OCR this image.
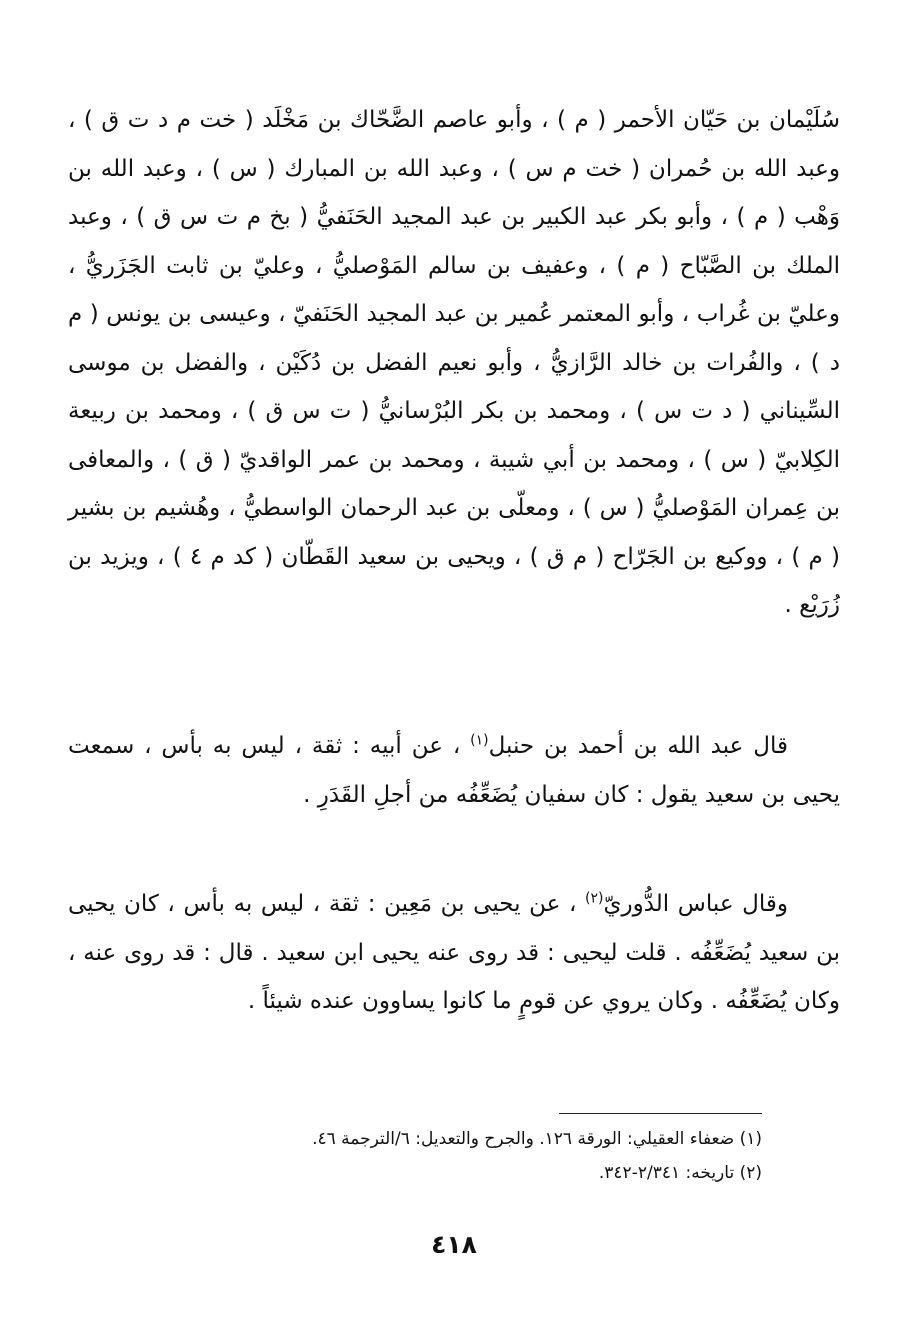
سُلَيْمان بن حَيّان الأحمر ( م ) ، وأبو عاصم الضَّحّاك بن مَخْلَد ( خت م د ت ق ) ، وعبد الله بن حُمران ( خت م س ) ، وعبد الله بن المبارك ( س ) ، وعبد الله بن وَهْب ( م ) ، وأبو بكر عبد الكبير بن عبد المجيد الحَنَفيُّ ( بخ م ت س ق ) ، وعبد الملك بن الصَّبّاح ( م ) ، وعفيف بن سالم المَوْصليُّ ، وعليّ بن ثابت الجَزَريُّ ، وعليّ بن غُراب ، وأبو المعتمر عُمير بن عبد المجيد الحَنَفيّ ، وعيسى بن يونس ( م د ) ، والفُرات بن خالد الرَّازيُّ ، وأبو نعيم الفضل بن دُكَيْن ، والفضل بن موسى السِّيناني ( د ت س ) ، ومحمد بن بكر البُرْسانيُّ ( ت س ق ) ، ومحمد بن ربيعة الكِلابيّ ( س ) ، ومحمد بن أبي شيبة ، ومحمد بن عمر الواقديّ ( ق ) ، والمعافى بن عِمران المَوْصليُّ ( س ) ، ومعلّى بن عبد الرحمان الواسطيُّ ، وهُشيم بن بشير ( م ) ، ووكيع بن الجَرّاح ( م ق ) ، ويحيى بن سعيد القَطّان ( كد م ٤ ) ، ويزيد بن زُرَيْع .

قال عبد الله بن أحمد بن حنبل$^{(١)}$ ، عن أبيه : ثقة ، ليس به بأس ، سمعت يحيى بن سعيد يقول : كان سفيان يُضَعِّفُه من أجلِ القَدَرِ .

وقال عباس الدُّوريّ$^{(٢)}$ ، عن يحيى بن مَعِين : ثقة ، ليس به بأس ، كان يحيى بن سعيد يُضَعِّفُه . قلت ليحيى : قد روى عنه يحيى ابن سعيد . قال : قد روى عنه ، وكان يُضَعِّفُه . وكان يروي عن قومٍ ما كانوا يساوون عنده شيئاً .

(١) ضعفاء العقيلي: الورقة ١٢٦. والجرح والتعديل: ٦/الترجمة ٤٦.
(٢) تاريخه: ٢/٣٤١-٣٤٢.
٤١٨
